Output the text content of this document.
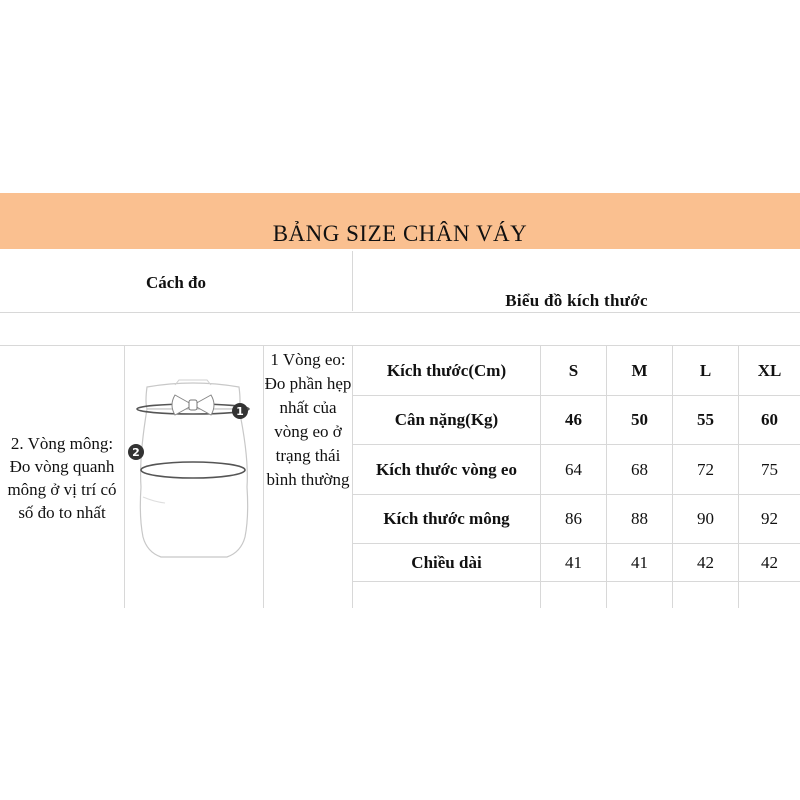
BẢNG SIZE CHÂN VÁY
Cách đo
Biểu đồ kích thước
2. Vòng mông: Đo vòng quanh mông ở vị trí có số đo to nhất
1 Vòng eo: Đo phần hẹp nhất của vòng eo ở trạng thái bình thường
1
2
Kích thước(Cm)	S	M	L	XL
Cân nặng(Kg)	46	50	55	60
Kích thước vòng eo	64	68	72	75
Kích thước mông	86	88	90	92
Chiều dài	41	41	42	42
